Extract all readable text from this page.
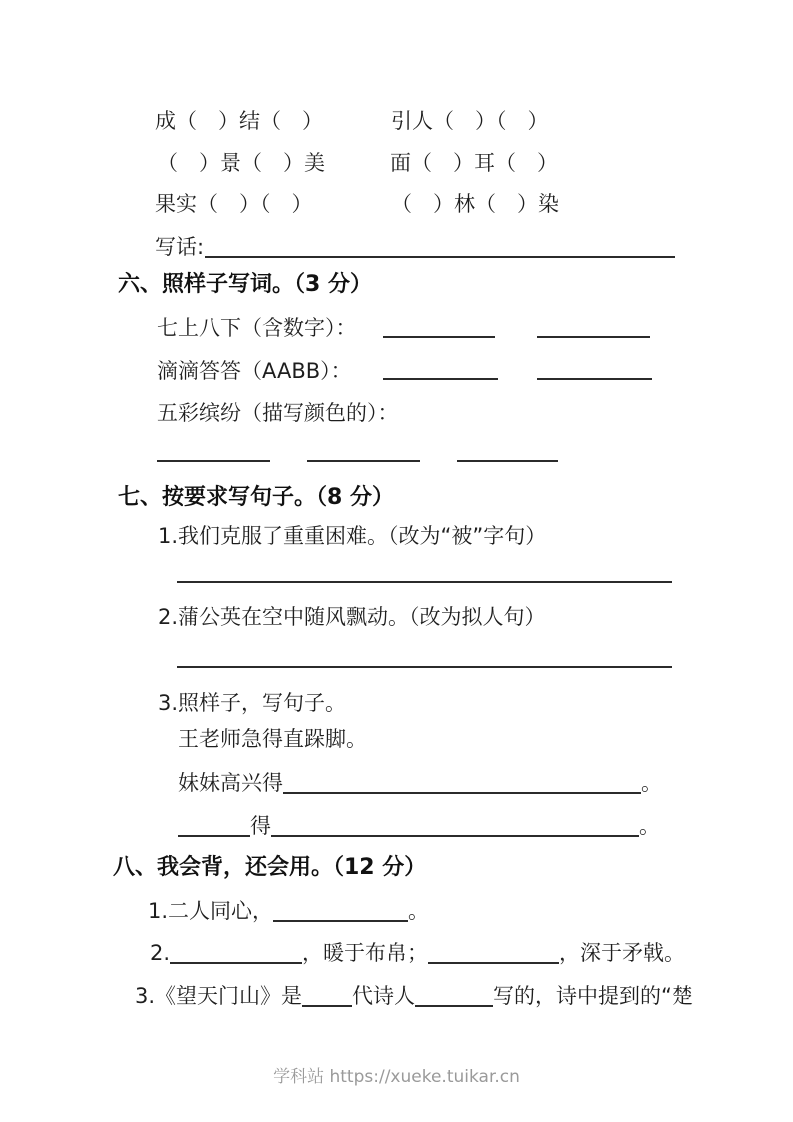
成（　）结（　）	引人（　）（　）
（　）景（　）美	面（　）耳（　）
果实（　）（　）	（　）林（　）染
写话:
六、照样子写词。（3 分）
七上八下（含数字）：
滴滴答答（AABB）：
五彩缤纷（描写颜色的）：
七、按要求写句子。（8 分）
1.我们克服了重重困难。（改为“被”字句）
2.蒲公英在空中随风飘动。（改为拟人句）
3.照样子，写句子。
王老师急得直跺脚。
妹妹高兴得	。
得	。
八、我会背，还会用。（12 分）
1.二人同心，	。
2.	，暖于布帛；	，深于矛戟。
3.《望天门山》是 代诗人	写的，诗中提到的“楚
学科站 https://xueke.tuikar.cn
